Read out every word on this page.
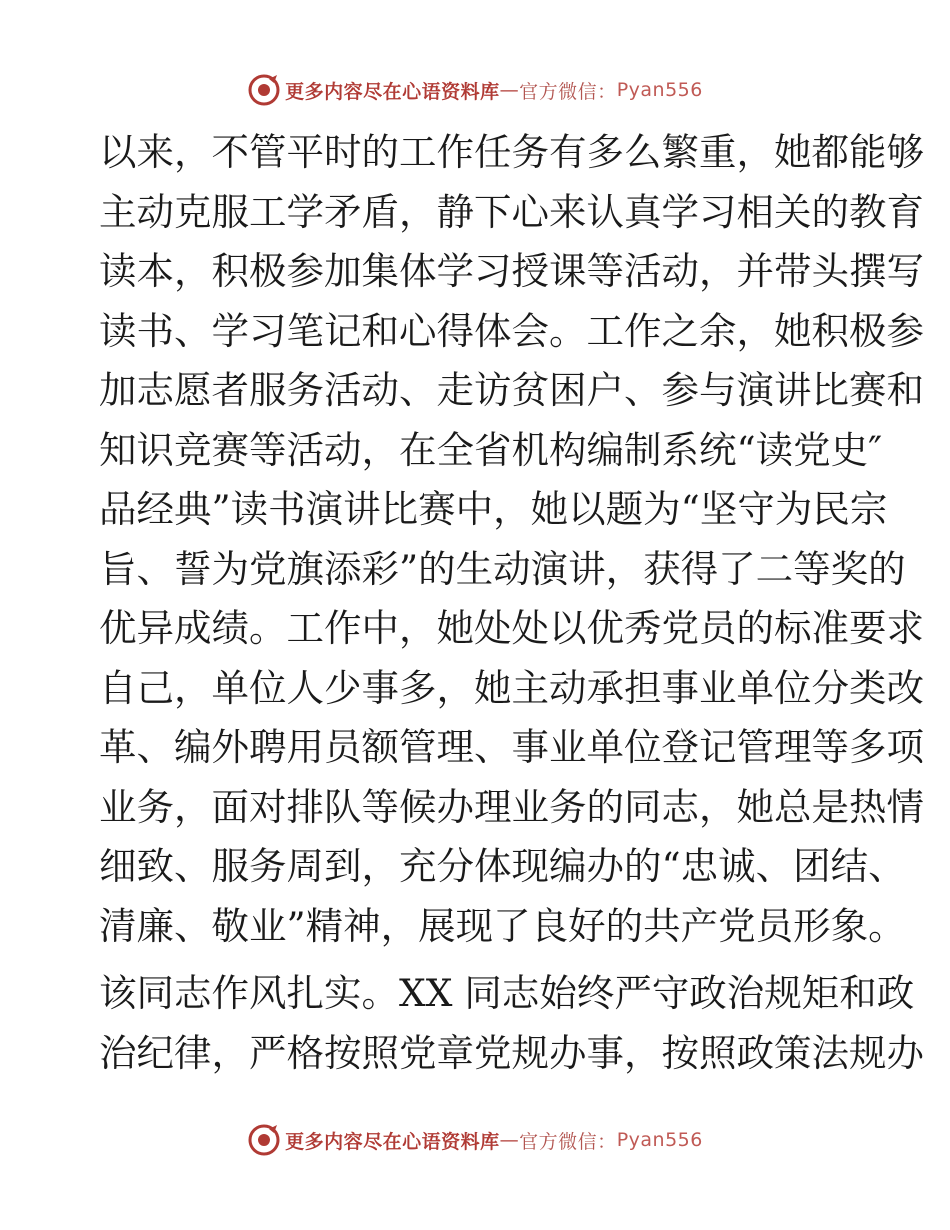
更多内容尽在心语资料库 — 官方微信： Pyan556
以来，不管平时的工作任务有多么繁重，她都能够
主动克服工学矛盾，静下心来认真学习相关的教育
读本，积极参加集体学习授课等活动，并带头撰写
读书、学习笔记和心得体会。工作之余，她积极参
加志愿者服务活动、走访贫困户、参与演讲比赛和
知识竞赛等活动，在全省机构编制系统“读党史″
品经典”读书演讲比赛中，她以题为“坚守为民宗
旨、誓为党旗添彩”的生动演讲，获得了二等奖的
优异成绩。工作中，她处处以优秀党员的标准要求
自己，单位人少事多，她主动承担事业单位分类改
革、编外聘用员额管理、事业单位登记管理等多项
业务，面对排队等候办理业务的同志，她总是热情
细致、服务周到，充分体现编办的“忠诚、团结、
清廉、敬业”精神，展现了良好的共产党员形象。
该同志作风扎实。XX 同志始终严守政治规矩和政
治纪律，严格按照党章党规办事，按照政策法规办
更多内容尽在心语资料库 — 官方微信： Pyan556
